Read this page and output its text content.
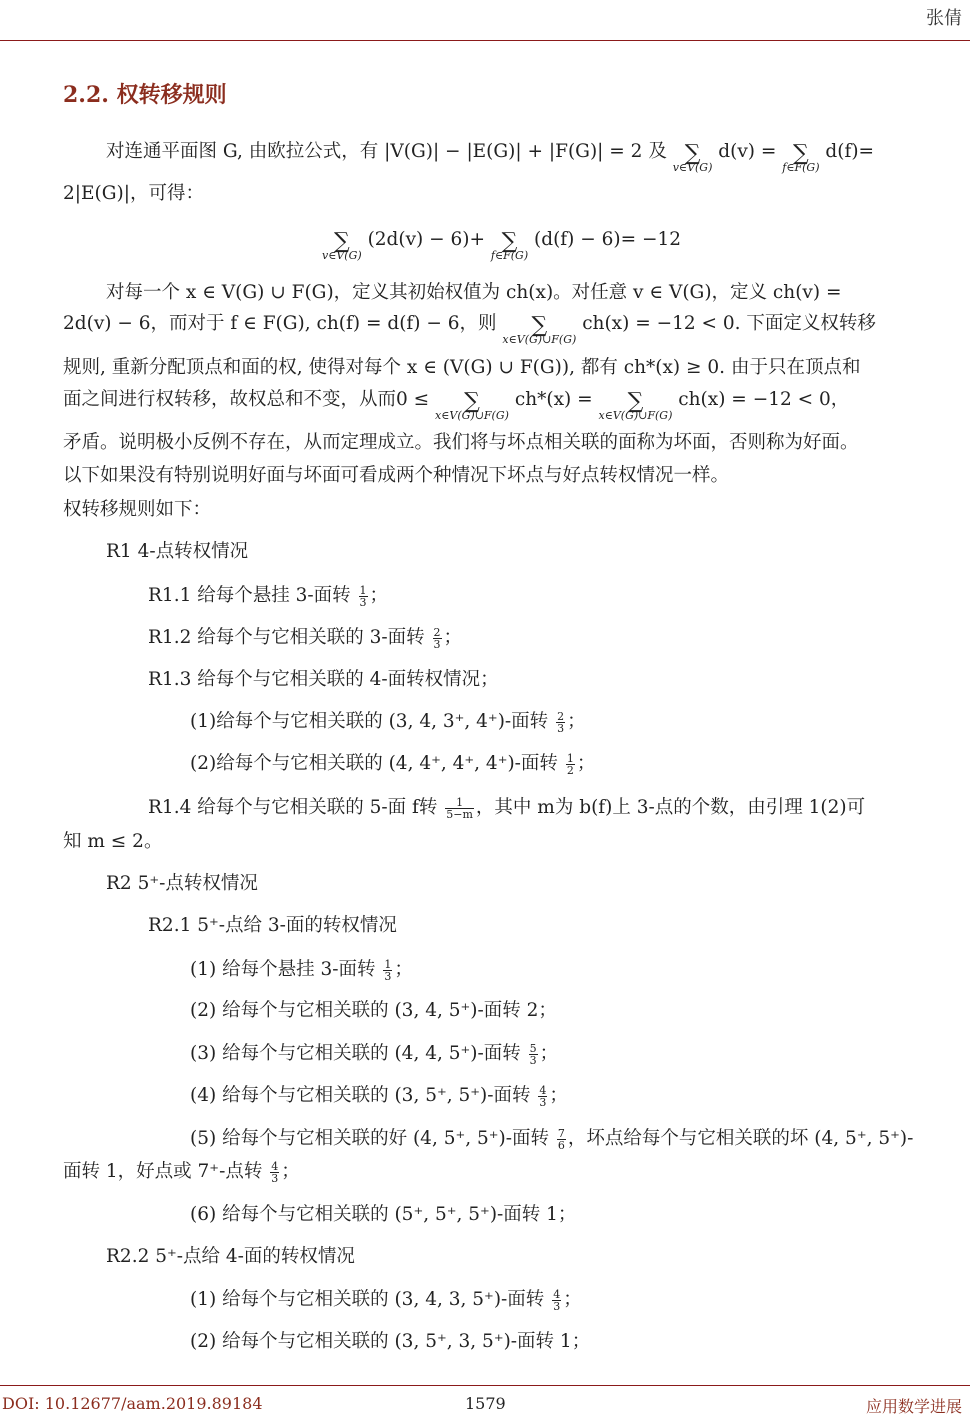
张倩
2.2. 权转移规则
对连通平面图 G, 由欧拉公式，有 |V(G)| − |E(G)| + |F(G)| = 2 及 ∑
v∈V(G)
d(v) = ∑
f∈F(G)
d(f)=
2|E(G)|，可得：
∑
v∈V(G)
(2d(v) − 6)+ ∑
f∈F(G)
(d(f) − 6)= −12
对每一个 x ∈ V(G) ∪ F(G)，定义其初始权值为 ch(x)。对任意 v ∈ V(G)，定义 ch(v) =
2d(v) − 6，而对于 f ∈ F(G), ch(f) = d(f) − 6，则	∑
x∈V(G)∪F(G)
ch(x) = −12 < 0. 下面定义权转移
规则, 重新分配顶点和面的权, 使得对每个 x ∈ (V(G) ∪ F(G)), 都有 ch*(x) ≥ 0. 由于只在顶点和
面之间进行权转移，故权总和不变，从而0 ≤	∑
x∈V(G)∪F(G)
ch*(x) =	∑
x∈V(G)∪F(G)
ch(x) = −12 < 0，
矛盾。说明极小反例不存在，从而定理成立。我们将与坏点相关联的面称为坏面，否则称为好面。
以下如果没有特别说明好面与坏面可看成两个种情况下坏点与好点转权情况一样。
权转移规则如下：
R1 4-点转权情况
R1.1 给每个悬挂 3-面转 $\frac{1}{3}$ ；
R1.2 给每个与它相关联的 3-面转 $\frac{2}{3}$ ；
R1.3 给每个与它相关联的 4-面转权情况；
(1)给每个与它相关联的 (3, 4, 3⁺, 4⁺)-面转 $\frac{2}{3}$ ；
(2)给每个与它相关联的 (4, 4⁺, 4⁺, 4⁺)-面转 $\frac{1}{2}$ ；
R1.4 给每个与它相关联的 5-面 f转 $\frac{1}{5-m}$ ，其中 m为 b(f)上 3-点的个数，由引理 1(2)可
知 m ≤ 2。
R2 5⁺-点转权情况
R2.1 5⁺-点给 3-面的转权情况
(1) 给每个悬挂 3-面转 $\frac{1}{3}$ ；
(2) 给每个与它相关联的 (3, 4, 5⁺)-面转 2；
(3) 给每个与它相关联的 (4, 4, 5⁺)-面转 $\frac{5}{3}$ ；
(4) 给每个与它相关联的 (3, 5⁺, 5⁺)-面转 $\frac{4}{3}$ ；
(5) 给每个与它相关联的好 (4, 5⁺, 5⁺)-面转 $\frac{7}{6}$ ，坏点给每个与它相关联的坏 (4, 5⁺, 5⁺)-
面转 1，好点或 7⁺-点转 $\frac{4}{3}$ ；
(6) 给每个与它相关联的 (5⁺, 5⁺, 5⁺)-面转 1；
R2.2 5⁺-点给 4-面的转权情况
(1) 给每个与它相关联的 (3, 4, 3, 5⁺)-面转 $\frac{4}{3}$ ；
(2) 给每个与它相关联的 (3, 5⁺, 3, 5⁺)-面转 1；
DOI: 10.12677/aam.2019.89184	1579	应用数学进展
